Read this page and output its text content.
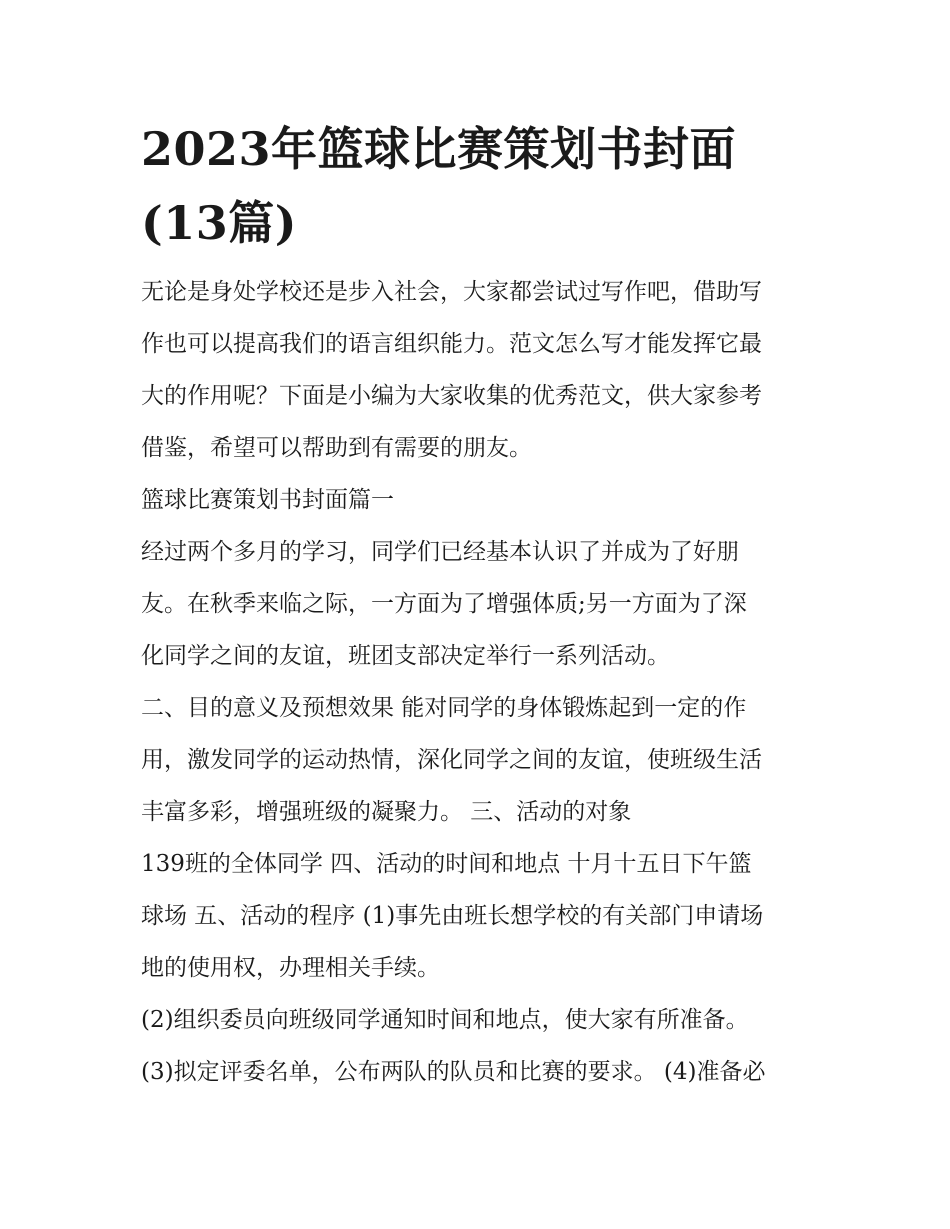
2023年篮球比赛策划书封面
(13篇)

无论是身处学校还是步入社会，大家都尝试过写作吧，借助写
作也可以提高我们的语言组织能力。范文怎么写才能发挥它最
大的作用呢？下面是小编为大家收集的优秀范文，供大家参考
借鉴，希望可以帮助到有需要的朋友。

篮球比赛策划书封面篇一

经过两个多月的学习，同学们已经基本认识了并成为了好朋
友。在秋季来临之际，一方面为了增强体质;另一方面为了深
化同学之间的友谊，班团支部决定举行一系列活动。

二、目的意义及预想效果 能对同学的身体锻炼起到一定的作
用，激发同学的运动热情，深化同学之间的友谊，使班级生活
丰富多彩，增强班级的凝聚力。 三、活动的对象

139班的全体同学 四、活动的时间和地点 十月十五日下午篮
球场 五、活动的程序 (1)事先由班长想学校的有关部门申请场
地的使用权，办理相关手续。

(2)组织委员向班级同学通知时间和地点，使大家有所准备。

(3)拟定评委名单，公布两队的队员和比赛的要求。 (4)准备必
